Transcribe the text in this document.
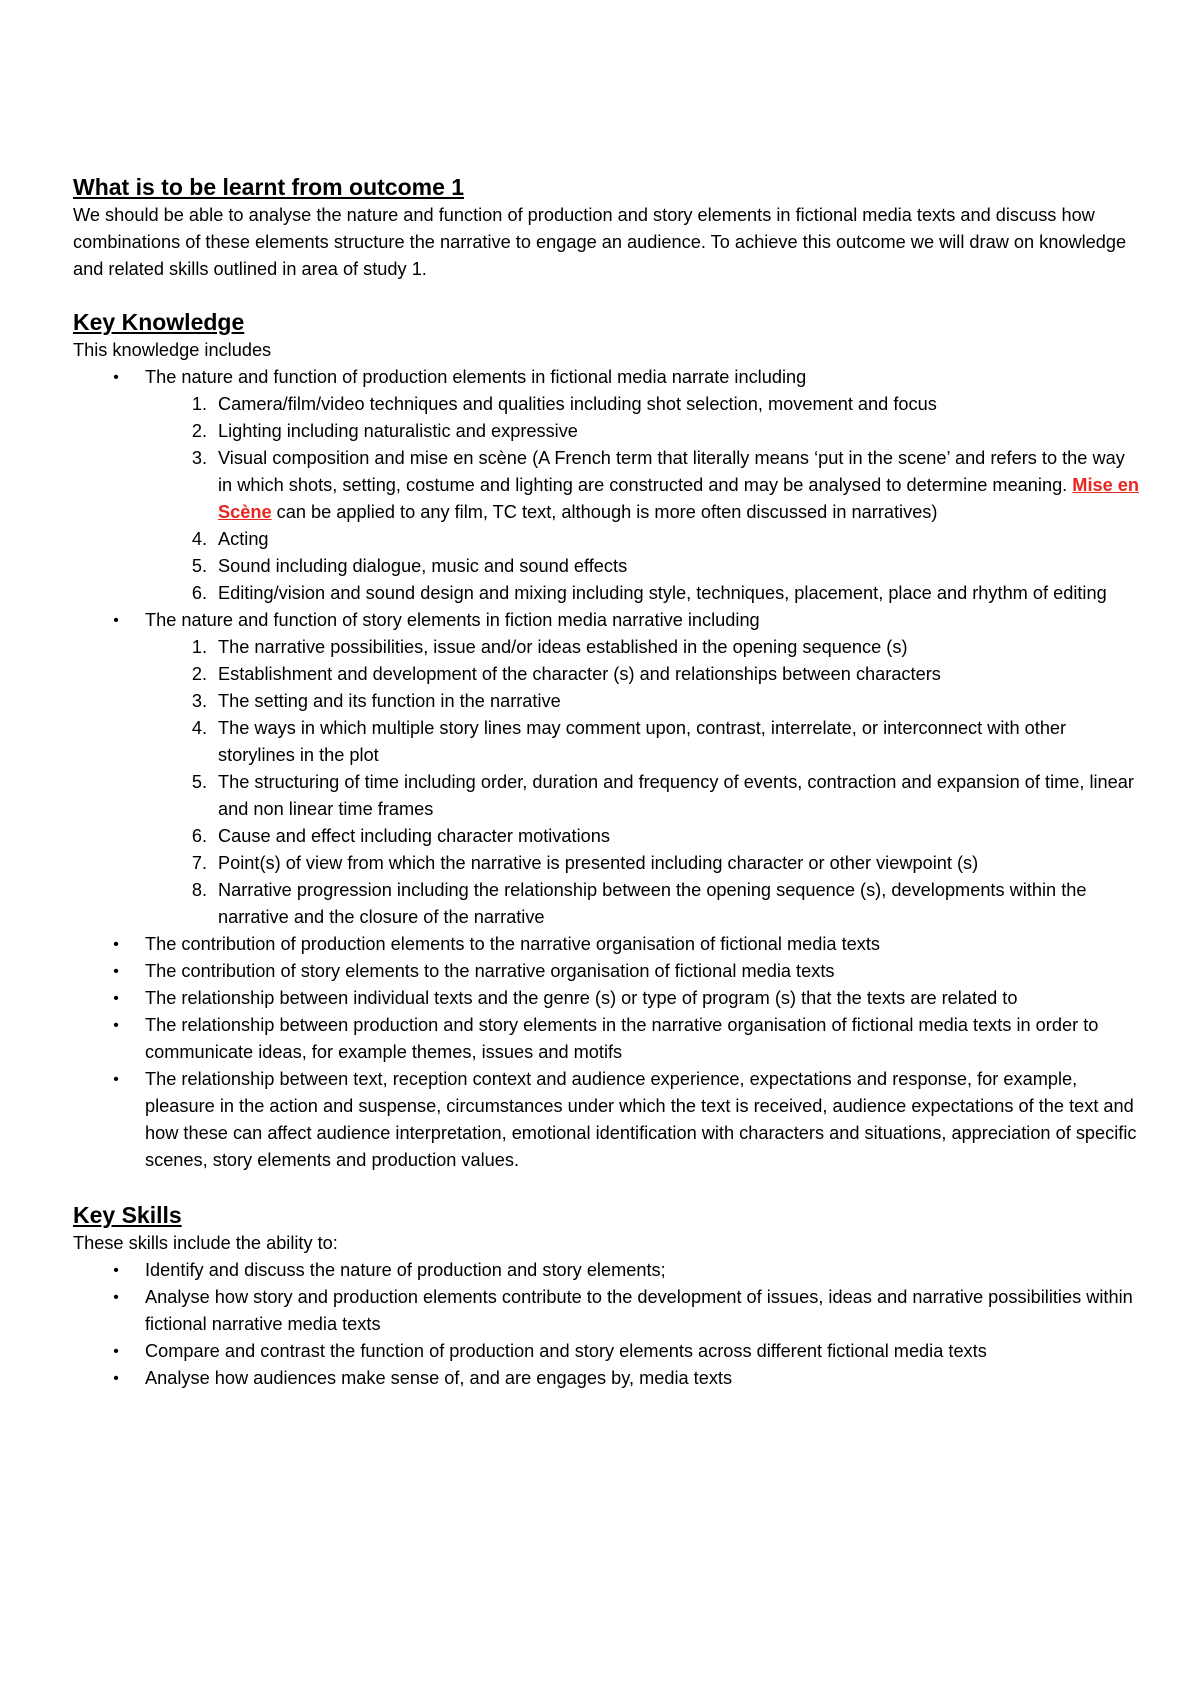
What is to be learnt from outcome 1

We should be able to analyse the nature and function of production and story elements in fictional media texts and discuss how combinations of these elements structure the narrative to engage an audience. To achieve this outcome we will draw on knowledge and related skills outlined in area of study 1.

Key Knowledge

This knowledge includes

• The nature and function of production elements in fictional media narrate including
1. Camera/film/video techniques and qualities including shot selection, movement and focus
2. Lighting including naturalistic and expressive
3. Visual composition and mise en scène (A French term that literally means ‘put in the scene’ and refers to the way in which shots, setting, costume and lighting are constructed and may be analysed to determine meaning. Mise en Scène can be applied to any film, TC text, although is more often discussed in narratives)
4. Acting
5. Sound including dialogue, music and sound effects
6. Editing/vision and sound design and mixing including style, techniques, placement, place and rhythm of editing
• The nature and function of story elements in fiction media narrative including
1. The narrative possibilities, issue and/or ideas established in the opening sequence (s)
2. Establishment and development of the character (s) and relationships between characters
3. The setting and its function in the narrative
4. The ways in which multiple story lines may comment upon, contrast, interrelate, or interconnect with other storylines in the plot
5. The structuring of time including order, duration and frequency of events, contraction and expansion of time, linear and non linear time frames
6. Cause and effect including character motivations
7. Point(s) of view from which the narrative is presented including character or other viewpoint (s)
8. Narrative progression including the relationship between the opening sequence (s), developments within the narrative and the closure of the narrative
• The contribution of production elements to the narrative organisation of fictional media texts
• The contribution of story elements to the narrative organisation of fictional media texts
• The relationship between individual texts and the genre (s) or type of program (s) that the texts are related to
• The relationship between production and story elements in the narrative organisation of fictional media texts in order to communicate ideas, for example themes, issues and motifs
• The relationship between text, reception context and audience experience, expectations and response, for example, pleasure in the action and suspense, circumstances under which the text is received, audience expectations of the text and how these can affect audience interpretation, emotional identification with characters and situations, appreciation of specific scenes, story elements and production values.
Key Skills

These skills include the ability to:

• Identify and discuss the nature of production and story elements;
• Analyse how story and production elements contribute to the development of issues, ideas and narrative possibilities within fictional narrative media texts
• Compare and contrast the function of production and story elements across different fictional media texts
• Analyse how audiences make sense of, and are engages by, media texts
